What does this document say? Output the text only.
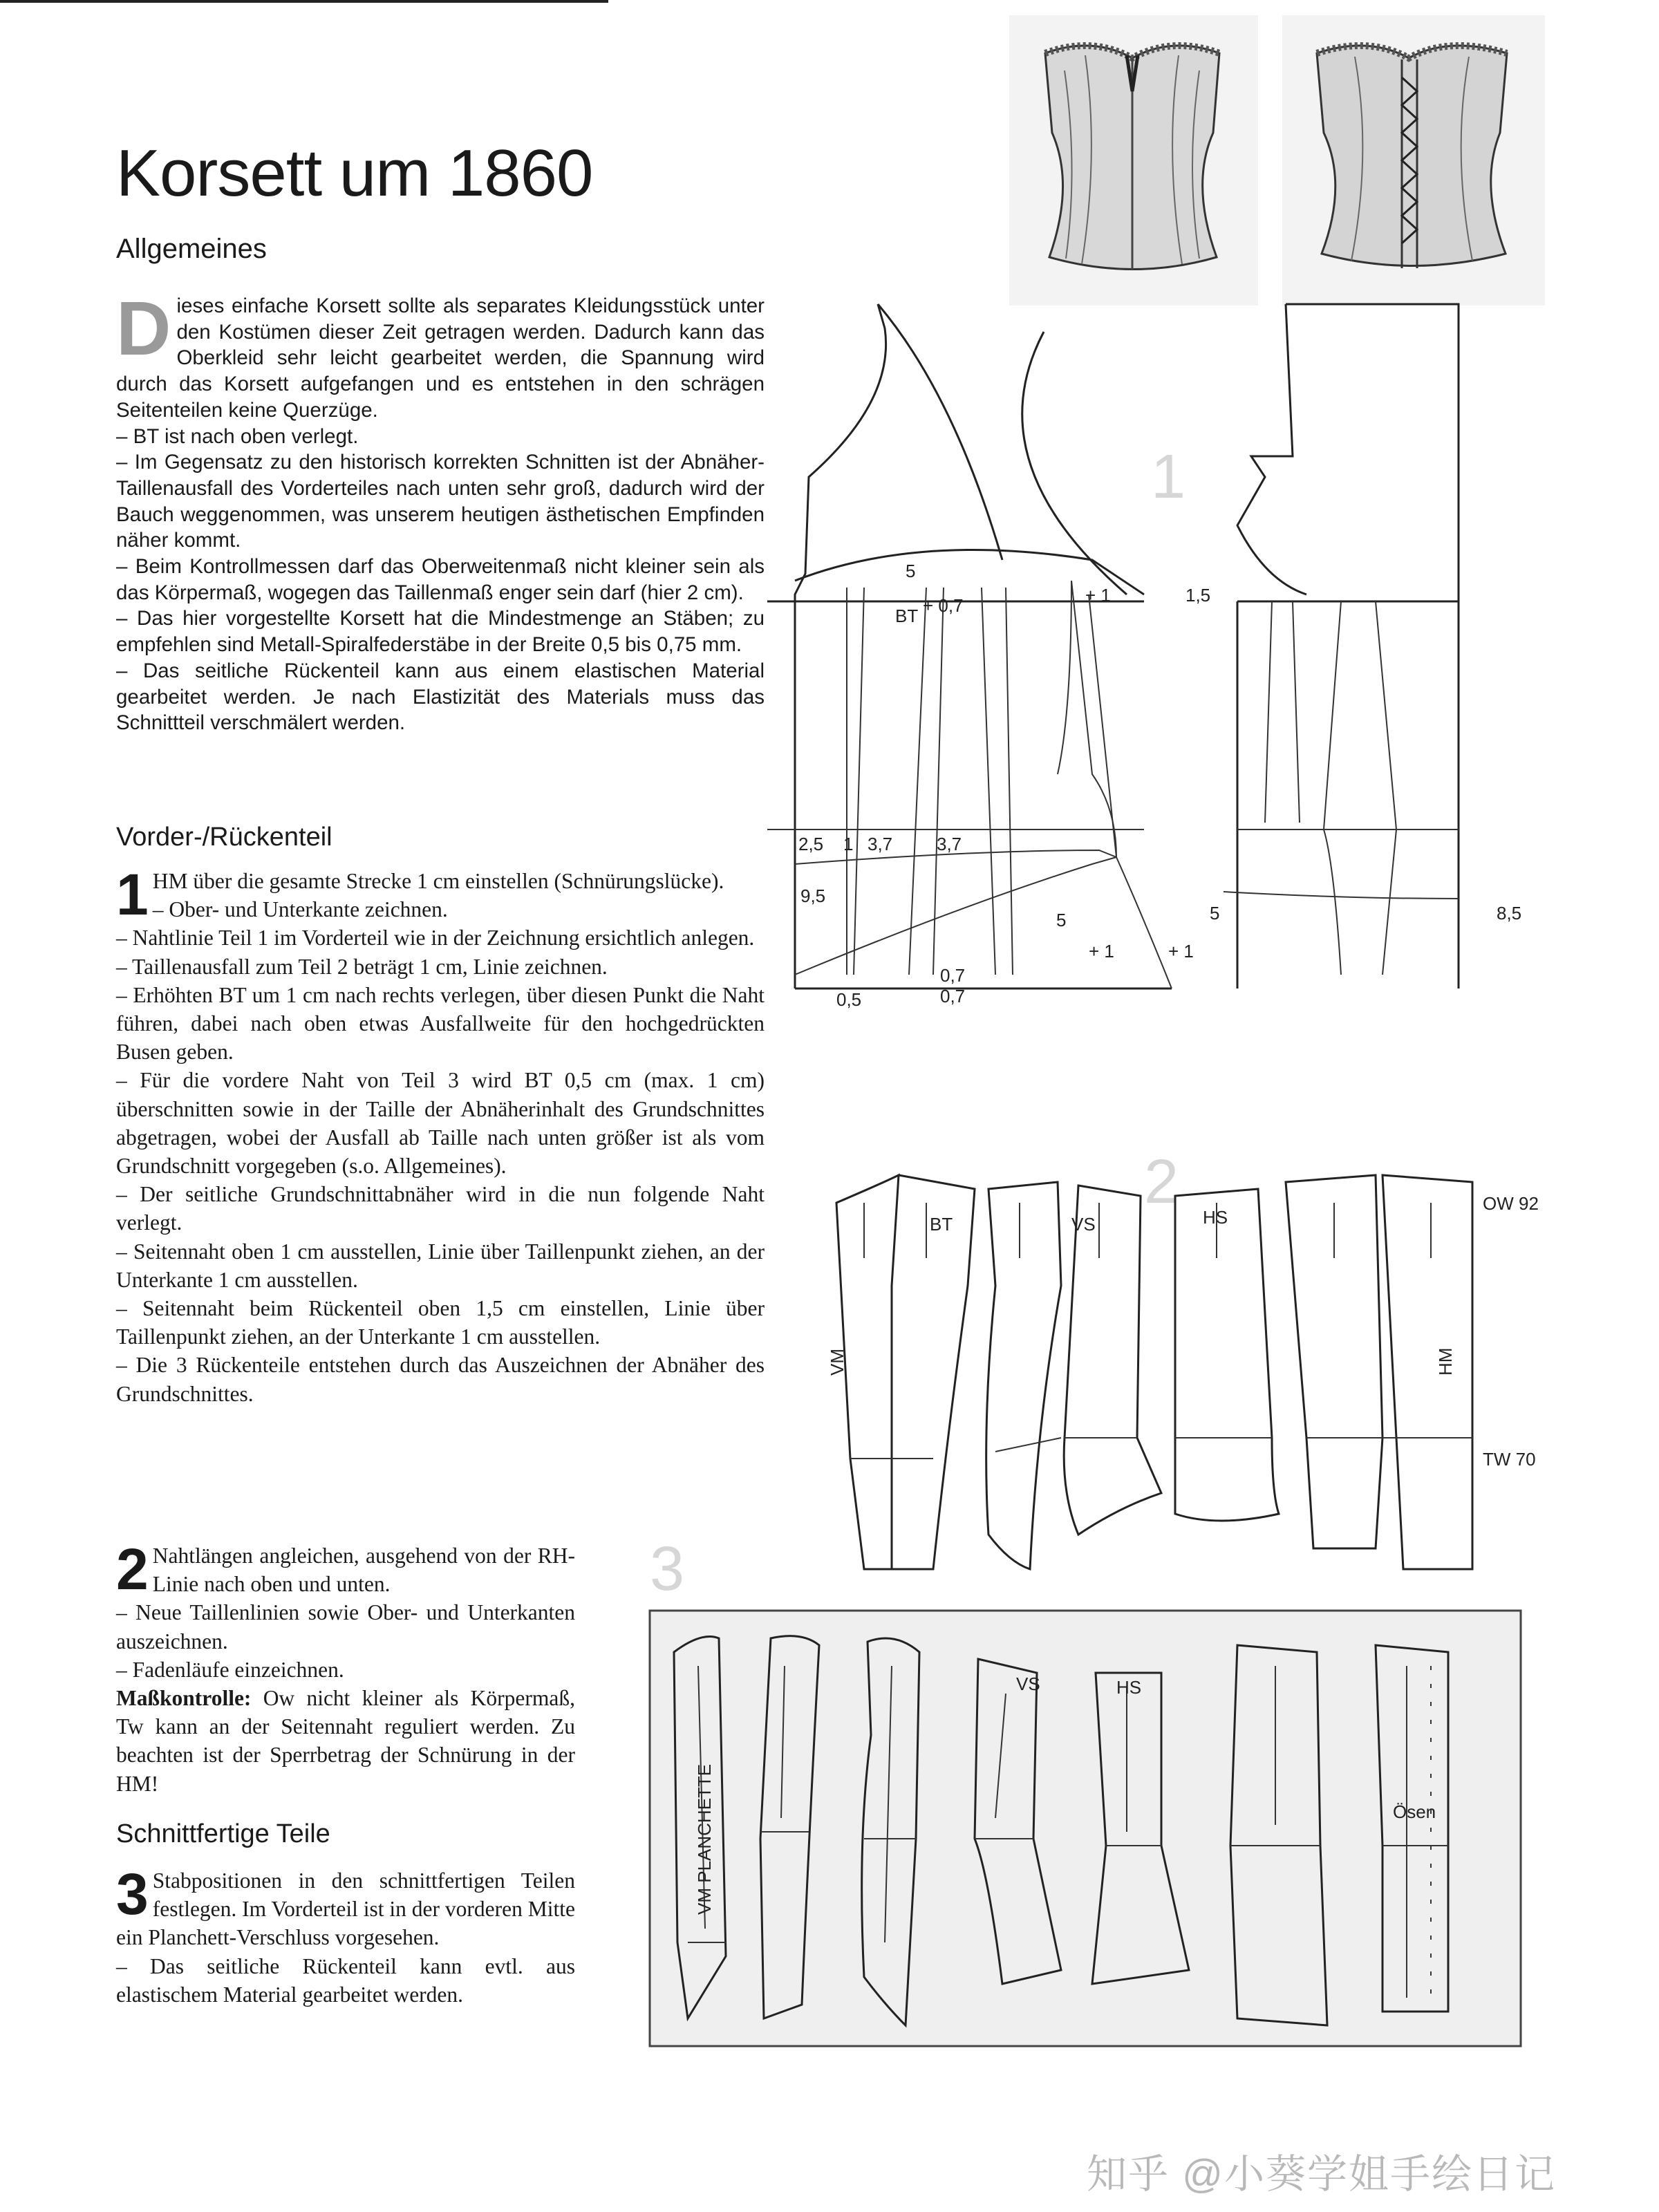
Korsett um 1860
Allgemeines
D ieses einfache Korsett sollte als separates Kleidungsstück unter den Kostümen dieser Zeit getragen werden. Dadurch kann das Oberkleid sehr leicht gearbeitet werden, die Spannung wird durch das Korsett aufgefangen und es entstehen in den schrägen Seitenteilen keine Querzüge.

– BT ist nach oben verlegt.

– Im Gegensatz zu den historisch korrekten Schnitten ist der Abnäher-Taillenausfall des Vorderteiles nach unten sehr groß, dadurch wird der Bauch weggenommen, was unserem heutigen ästhetischen Empfinden näher kommt.

– Beim Kontrollmessen darf das Oberweitenmaß nicht kleiner sein als das Körpermaß, wogegen das Taillenmaß enger sein darf (hier 2 cm).

– Das hier vorgestellte Korsett hat die Mindestmenge an Stäben; zu empfehlen sind Metall-Spiralfederstäbe in der Breite 0,5 bis 0,75 mm.

– Das seitliche Rückenteil kann aus einem elastischen Material gearbeitet werden. Je nach Elastizität des Materials muss das Schnittteil verschmälert werden.

Vorder-/Rückenteil
1 HM über die gesamte Strecke 1 cm einstellen (Schnürungslücke).

– Ober- und Unterkante zeichnen.

– Nahtlinie Teil 1 im Vorderteil wie in der Zeichnung ersichtlich anlegen.

– Taillenausfall zum Teil 2 beträgt 1 cm, Linie zeichnen.

– Erhöhten BT um 1 cm nach rechts verlegen, über diesen Punkt die Naht führen, dabei nach oben etwas Ausfallweite für den hochgedrückten Busen geben.

– Für die vordere Naht von Teil 3 wird BT 0,5 cm (max. 1 cm) überschnitten sowie in der Taille der Abnäherinhalt des Grundschnittes abgetragen, wobei der Ausfall ab Taille nach unten größer ist als vom Grundschnitt vorgegeben (s.o. Allgemeines).

– Der seitliche Grundschnittabnäher wird in die nun folgende Naht verlegt.

– Seitennaht oben 1 cm ausstellen, Linie über Taillenpunkt ziehen, an der Unterkante 1 cm ausstellen.

– Seitennaht beim Rückenteil oben 1,5 cm einstellen, Linie über Taillenpunkt ziehen, an der Unterkante 1 cm ausstellen.

– Die 3 Rückenteile entstehen durch das Auszeichnen der Abnäher des Grundschnittes.

2 Nahtlängen angleichen, ausgehend von der RH-Linie nach oben und unten.

– Neue Taillenlinien sowie Ober- und Unterkanten auszeichnen.

– Fadenläufe einzeichnen.

Maßkontrolle: Ow nicht kleiner als Körpermaß, Tw kann an der Seitennaht reguliert werden. Zu beachten ist der Sperrbetrag der Schnürung in der HM!

Schnittfertige Teile
3 Stabpositionen in den schnittfertigen Teilen festlegen. Im Vorderteil ist in der vorderen Mitte ein Planchett-Verschluss vorgesehen.

– Das seitliche Rückenteil kann evtl. aus elastischem Material gearbeitet werden.

1
5
BT + 0,7	+ 1	1,5
2,5 1 3,7 3,7
9,5
5
+ 1	+ 1
5	8,5
0,5
0,7
0,7
2
BT	VS	HS
OW 92
VM	HM
TW 70
3
VS	HS
VM PLANCHETTE	Ösen
知乎 @小葵学姐手绘日记
